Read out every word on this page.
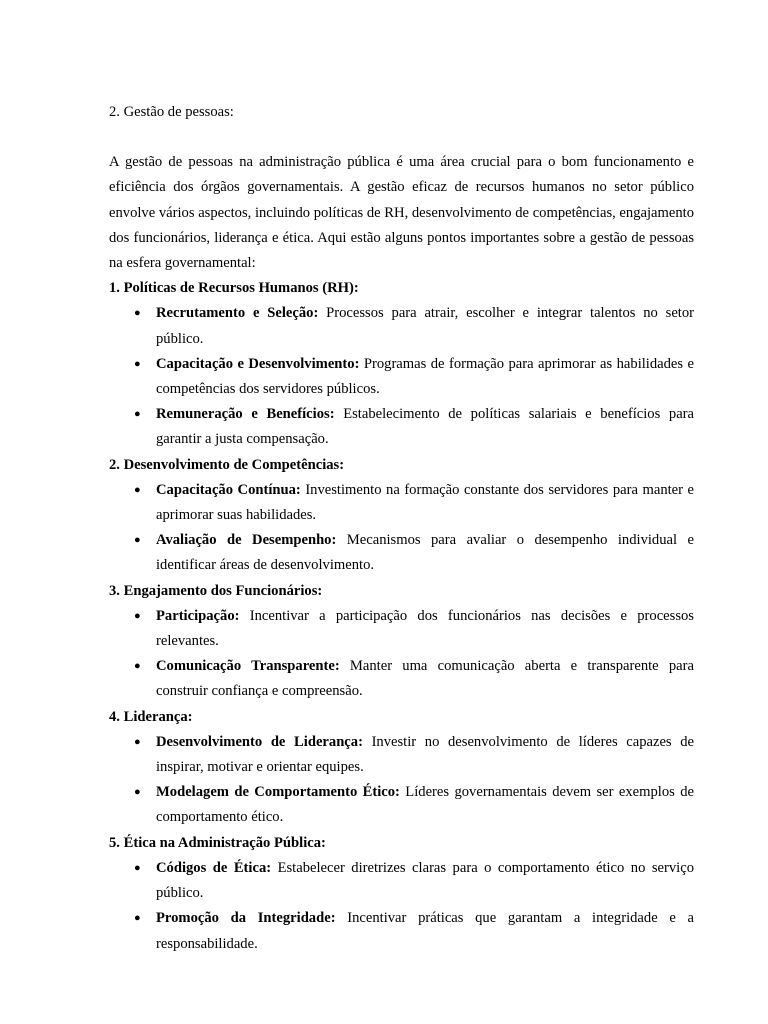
2. Gestão de pessoas:

A gestão de pessoas na administração pública é uma área crucial para o bom funcionamento e eficiência dos órgãos governamentais. A gestão eficaz de recursos humanos no setor público envolve vários aspectos, incluindo políticas de RH, desenvolvimento de competências, engajamento dos funcionários, liderança e ética. Aqui estão alguns pontos importantes sobre a gestão de pessoas na esfera governamental:

1. Políticas de Recursos Humanos (RH):

● Recrutamento e Seleção: Processos para atrair, escolher e integrar talentos no setor público.
● Capacitação e Desenvolvimento: Programas de formação para aprimorar as habilidades e competências dos servidores públicos.
● Remuneração e Benefícios: Estabelecimento de políticas salariais e benefícios para garantir a justa compensação.

2. Desenvolvimento de Competências:

● Capacitação Contínua: Investimento na formação constante dos servidores para manter e aprimorar suas habilidades.
● Avaliação de Desempenho: Mecanismos para avaliar o desempenho individual e identificar áreas de desenvolvimento.

3. Engajamento dos Funcionários:

● Participação: Incentivar a participação dos funcionários nas decisões e processos relevantes.
● Comunicação Transparente: Manter uma comunicação aberta e transparente para construir confiança e compreensão.

4. Liderança:

● Desenvolvimento de Liderança: Investir no desenvolvimento de líderes capazes de inspirar, motivar e orientar equipes.
● Modelagem de Comportamento Ético: Líderes governamentais devem ser exemplos de comportamento ético.

5. Ética na Administração Pública:

● Códigos de Ética: Estabelecer diretrizes claras para o comportamento ético no serviço público.
● Promoção da Integridade: Incentivar práticas que garantam a integridade e a responsabilidade.
